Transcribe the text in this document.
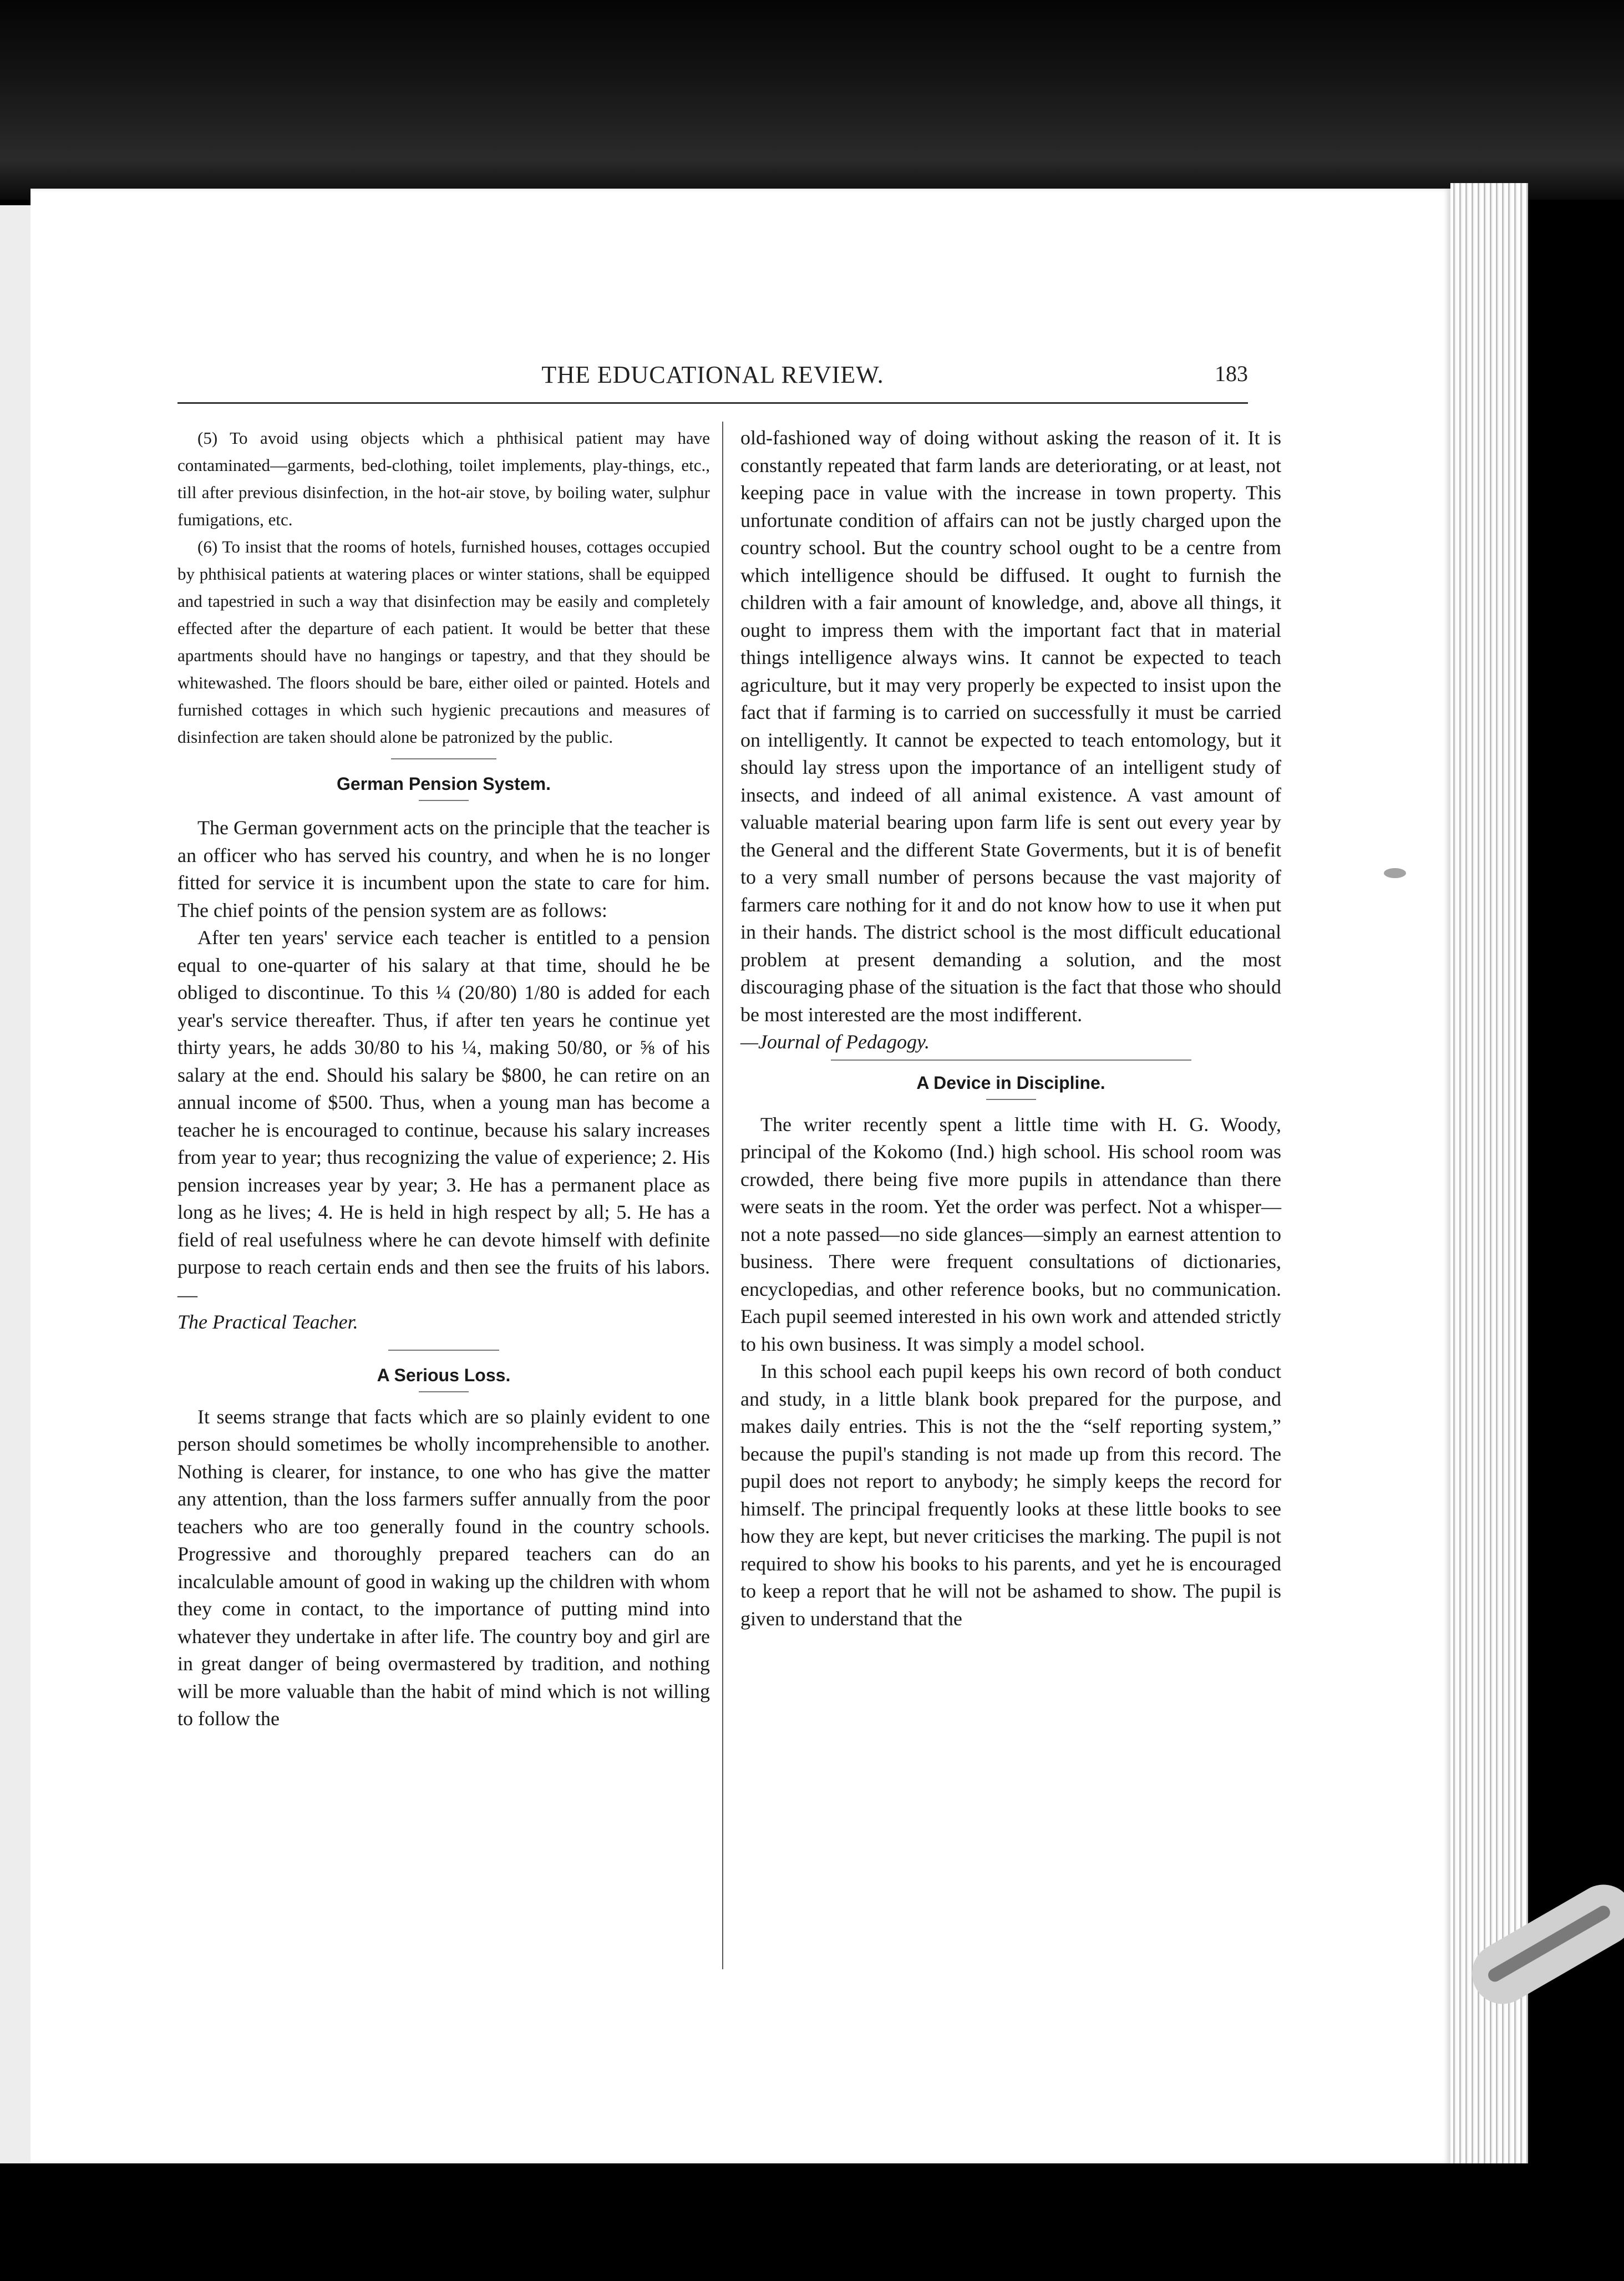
THE EDUCATIONAL REVIEW.	183

(5) To avoid using objects which a phthisical patient may have contaminated—garments, bed-clothing, toilet implements, play-things, etc., till after previous disinfection, in the hot-air stove, by boiling water, sulphur fumigations, etc.

(6) To insist that the rooms of hotels, furnished houses, cottages occupied by phthisical patients at watering places or winter stations, shall be equipped and tapestried in such a way that disinfection may be easily and completely effected after the departure of each patient. It would be better that these apartments should have no hangings or tapestry, and that they should be whitewashed. The floors should be bare, either oiled or painted. Hotels and furnished cottages in which such hygienic precautions and measures of disinfection are taken should alone be patronized by the public.

German Pension System.

The German government acts on the principle that the teacher is an officer who has served his country, and when he is no longer fitted for service it is incumbent upon the state to care for him. The chief points of the pension system are as follows:

After ten years' service each teacher is entitled to a pension equal to one-quarter of his salary at that time, should he be obliged to discontinue. To this ¼ (20/80) 1/80 is added for each year's service thereafter. Thus, if after ten years he continue yet thirty years, he adds 30/80 to his ¼, making 50/80, or ⅝ of his salary at the end. Should his salary be $800, he can retire on an annual income of $500. Thus, when a young man has become a teacher he is encouraged to continue, because his salary increases from year to year; thus recognizing the value of experience; 2. His pension increases year by year; 3. He has a permanent place as long as he lives; 4. He is held in high respect by all; 5. He has a field of real usefulness where he can devote himself with definite purpose to reach certain ends and then see the fruits of his labors.—

The Practical Teacher.

A Serious Loss.

It seems strange that facts which are so plainly evident to one person should sometimes be wholly incomprehensible to another. Nothing is clearer, for instance, to one who has give the matter any attention, than the loss farmers suffer annually from the poor teachers who are too generally found in the country schools. Progressive and thoroughly prepared teachers can do an incalculable amount of good in waking up the children with whom they come in contact, to the importance of putting mind into whatever they undertake in after life. The country boy and girl are in great danger of being overmastered by tradition, and nothing will be more valuable than the habit of mind which is not willing to follow the

old-fashioned way of doing without asking the reason of it. It is constantly repeated that farm lands are deteriorating, or at least, not keeping pace in value with the increase in town property. This unfortunate condition of affairs can not be justly charged upon the country school. But the country school ought to be a centre from which intelligence should be diffused. It ought to furnish the children with a fair amount of knowledge, and, above all things, it ought to impress them with the important fact that in material things intelligence always wins. It cannot be expected to teach agriculture, but it may very properly be expected to insist upon the fact that if farming is to carried on successfully it must be carried on intelligently. It cannot be expected to teach entomology, but it should lay stress upon the importance of an intelligent study of insects, and indeed of all animal existence. A vast amount of valuable material bearing upon farm life is sent out every year by the General and the different State Goverments, but it is of benefit to a very small number of persons because the vast majority of farmers care nothing for it and do not know how to use it when put in their hands. The district school is the most difficult educational problem at present demanding a solution, and the most discouraging phase of the situation is the fact that those who should be most interested are the most indifferent.

—Journal of Pedagogy.

A Device in Discipline.

The writer recently spent a little time with H. G. Woody, principal of the Kokomo (Ind.) high school. His school room was crowded, there being five more pupils in attendance than there were seats in the room. Yet the order was perfect. Not a whisper—not a note passed—no side glances—simply an earnest attention to business. There were frequent consultations of dictionaries, encyclopedias, and other reference books, but no communication. Each pupil seemed interested in his own work and attended strictly to his own business. It was simply a model school.

In this school each pupil keeps his own record of both conduct and study, in a little blank book prepared for the purpose, and makes daily entries. This is not the the “self reporting system,” because the pupil's standing is not made up from this record. The pupil does not report to anybody; he simply keeps the record for himself. The principal frequently looks at these little books to see how they are kept, but never criticises the marking. The pupil is not required to show his books to his parents, and yet he is encouraged to keep a report that he will not be ashamed to show. The pupil is given to understand that the
